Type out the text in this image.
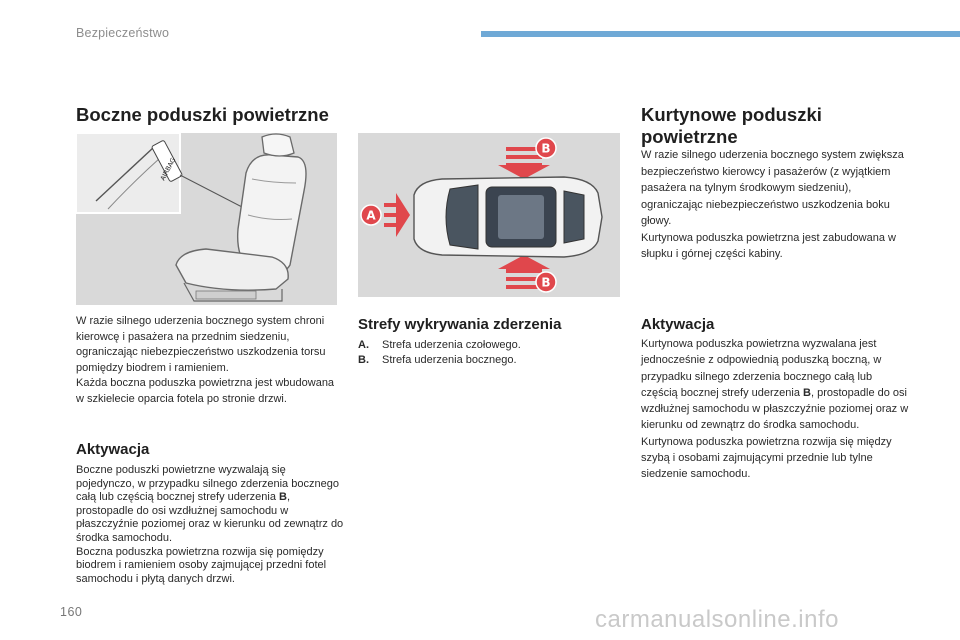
Bezpieczeństwo
Boczne poduszki powietrzne
AIRBAG

W razie silnego uderzenia bocznego system chroni kierowcę i pasażera na przednim siedzeniu, ograniczając niebezpieczeństwo uszkodzenia torsu pomiędzy biodrem i ramieniem.

Każda boczna poduszka powietrzna jest wbudowana w szkielecie oparcia fotela po stronie drzwi.

Aktywacja

Boczne poduszki powietrzne wyzwalają się pojedynczo, w przypadku silnego zderzenia bocznego całą lub częścią bocznej strefy uderzenia B, prostopadle do osi wzdłużnej samochodu w płaszczyźnie poziomej oraz w kierunku od zewnątrz do środka samochodu.

Boczna poduszka powietrzna rozwija się pomiędzy biodrem i ramieniem osoby zajmującej przedni fotel samochodu i płytą danych drzwi.

A
B
B
Strefy wykrywania zderzenia
A.	Strefa uderzenia czołowego.
B.	Strefa uderzenia bocznego.
Kurtynowe poduszki
powietrzne

W razie silnego uderzenia bocznego system zwiększa bezpieczeństwo kierowcy i pasażerów (z wyjątkiem pasażera na tylnym środkowym siedzeniu), ograniczając niebezpieczeństwo uszkodzenia boku głowy.

Kurtynowa poduszka powietrzna jest zabudowana w słupku i górnej części kabiny.

Aktywacja

Kurtynowa poduszka powietrzna wyzwalana jest jednocześnie z odpowiednią poduszką boczną, w przypadku silnego zderzenia bocznego całą lub częścią bocznej strefy uderzenia B, prostopadle do osi wzdłużnej samochodu w płaszczyźnie poziomej oraz w kierunku od zewnątrz do środka samochodu.

Kurtynowa poduszka powietrzna rozwija się między szybą i osobami zajmującymi przednie lub tylne siedzenie samochodu.

160	carmanualsonline.info
